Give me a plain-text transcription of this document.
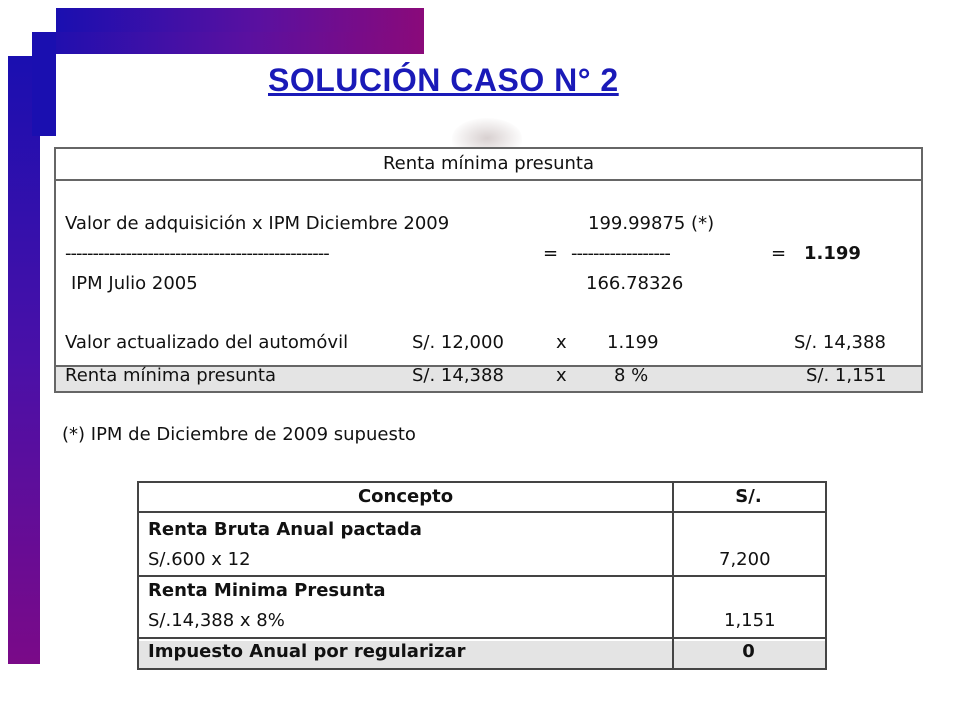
SOLUCIÓN CASO N° 2
Renta mínima presunta
Valor de adquisición x IPM Diciembre 2009	199.99875 (*)
------------------------------------------------	= ------------------	= 1.199
IPM Julio 2005	166.78326
Valor actualizado del automóvil	S/. 12,000	x 1.199	S/. 14,388
Renta mínima presunta	S/. 14,388	x	8 %	S/. 1,151
(*) IPM de Diciembre de 2009 supuesto
Concepto	S/.
Renta Bruta Anual pactada
S/.600 x 12	7,200
Renta Minima Presunta
S/.14,388 x 8%	1,151
Impuesto Anual por regularizar	0
